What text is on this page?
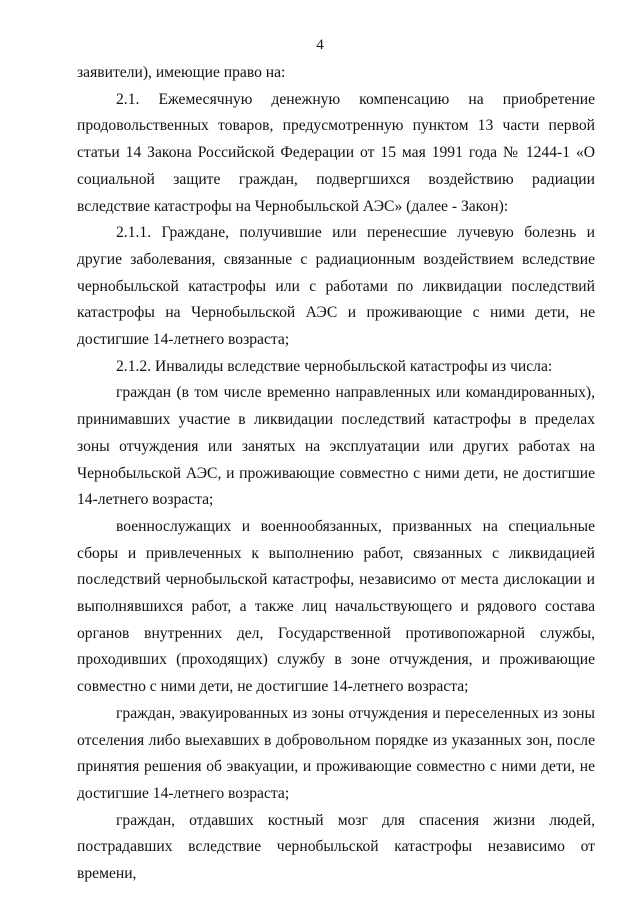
4

заявители), имеющие право на:

2.1. Ежемесячную денежную компенсацию на приобретение продовольственных товаров, предусмотренную пунктом 13 части первой статьи 14 Закона Российской Федерации от 15 мая 1991 года № 1244-1 «О социальной защите граждан, подвергшихся воздействию радиации вследствие катастрофы на Чернобыльской АЭС» (далее - Закон):

2.1.1. Граждане, получившие или перенесшие лучевую болезнь и другие заболевания, связанные с радиационным воздействием вследствие чернобыльской катастрофы или с работами по ликвидации последствий катастрофы на Чернобыльской АЭС и проживающие с ними дети, не достигшие 14-летнего возраста;

2.1.2. Инвалиды вследствие чернобыльской катастрофы из числа:

граждан (в том числе временно направленных или командированных), принимавших участие в ликвидации последствий катастрофы в пределах зоны отчуждения или занятых на эксплуатации или других работах на Чернобыльской АЭС, и проживающие совместно с ними дети, не достигшие 14-летнего возраста;

военнослужащих и военнообязанных, призванных на специальные сборы и привлеченных к выполнению работ, связанных с ликвидацией последствий чернобыльской катастрофы, независимо от места дислокации и выполнявшихся работ, а также лиц начальствующего и рядового состава органов внутренних дел, Государственной противопожарной службы, проходивших (проходящих) службу в зоне отчуждения, и проживающие совместно с ними дети, не достигшие 14-летнего возраста;

граждан, эвакуированных из зоны отчуждения и переселенных из зоны отселения либо выехавших в добровольном порядке из указанных зон, после принятия решения об эвакуации, и проживающие совместно с ними дети, не достигшие 14-летнего возраста;

граждан, отдавших костный мозг для спасения жизни людей, пострадавших вследствие чернобыльской катастрофы независимо от времени,
